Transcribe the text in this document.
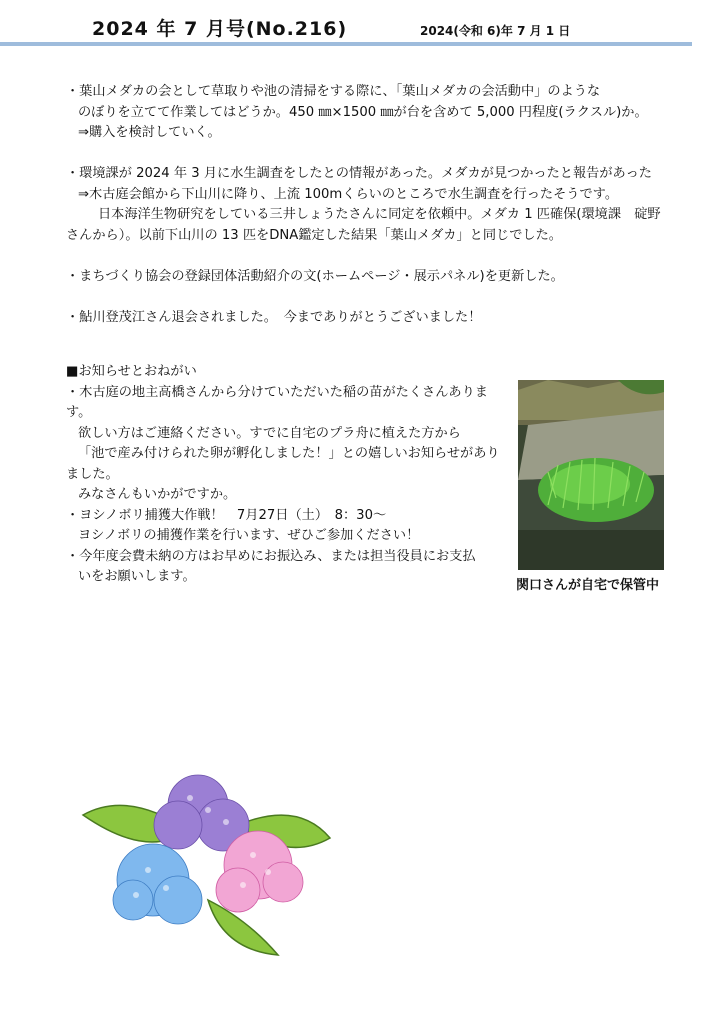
2024 年 7 月号(No.216)	2024(令和 6)年 7 月 1 日

・葉山メダカの会として草取りや池の清掃をする際に、「葉山メダカの会活動中」のような

のぼりを立てて作業してはどうか。450 ㎜×1500 ㎜が台を含めて 5,000 円程度(ラクスル)か。

⇒購入を検討していく。

・環境課が 2024 年 3 月に水生調査をしたとの情報があった。メダカが見つかったと報告があった

⇒木古庭会館から下山川に降り、上流 100mくらいのところで水生調査を行ったそうです。

日本海洋生物研究をしている三井しょうたさんに同定を依頼中。メダカ 1 匹確保(環境課　碇野

さんから）。以前下山川の 13 匹をDNA鑑定した結果「葉山メダカ」と同じでした。

・まちづくり協会の登録団体活動紹介の文(ホームページ・展示パネル)を更新した。

・鮎川登茂江さん退会されました。　今までありがとうございました！

■お知らせとおねがい

・木古庭の地主高橋さんから分けていただいた稲の苗がたくさんありま

す。

欲しい方はご連絡ください。すでに自宅のプラ舟に植えた方から

「池で産み付けられた卵が孵化しました！」との嬉しいお知らせがあり

ました。

みなさんもいかがですか。

・ヨシノボリ捕獲大作戦！　7月27日（土）　8：30～

ヨシノボリの捕獲作業を行います、ぜひご参加ください！

・今年度会費未納の方はお早めにお振込み、または担当役員にお支払

いをお願いします。

関口さんが自宅で保管中
